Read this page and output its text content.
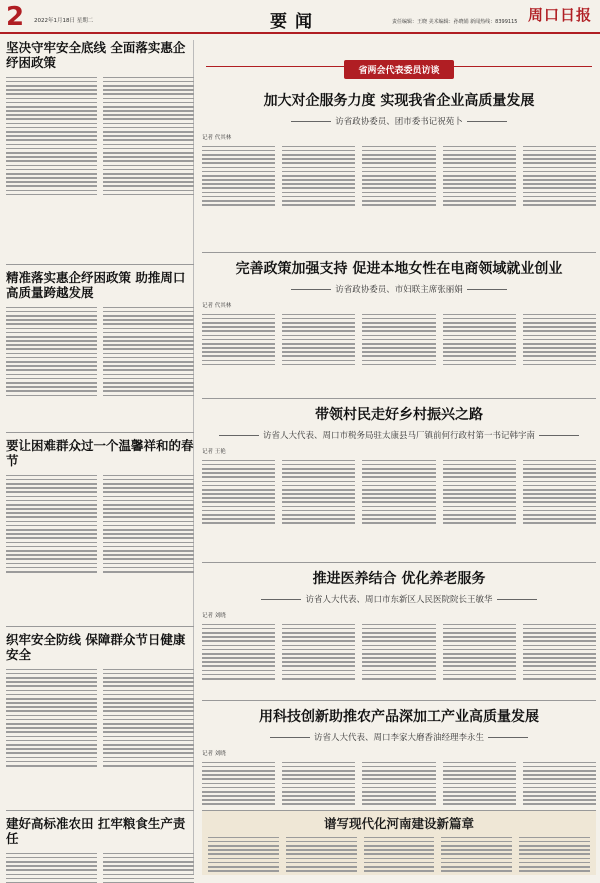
2 2022年1月18日 星期二	要闻	责任编辑：王晓 美术编辑：孙晓娟 新闻热线：8399115 周口日报
坚决守牢安全底线 全面落实惠企纾困政策
精准落实惠企纾困政策 助推周口高质量跨越发展
要让困难群众过一个温馨祥和的春节
织牢安全防线 保障群众节日健康安全
建好高标准农田 扛牢粮食生产责任
省两会代表委员访谈
加大对企服务力度 实现我省企业高质量发展
访省政协委员、团市委书记祝苑卜
记者 代其林
完善政策加强支持 促进本地女性在电商领域就业创业
访省政协委员、市妇联主席张丽娟
记者 代其林
带领村民走好乡村振兴之路
访省人大代表、周口市税务局驻太康县马厂镇前何行政村第一书记韩宇南
记者 王艳
推进医养结合 优化养老服务
访省人大代表、周口市东新区人民医院院长王敏华
记者 刘晓
用科技创新助推农产品深加工产业高质量发展
访省人大代表、周口李家大磨香油经理李永生
记者 刘晓
谱写现代化河南建设新篇章
